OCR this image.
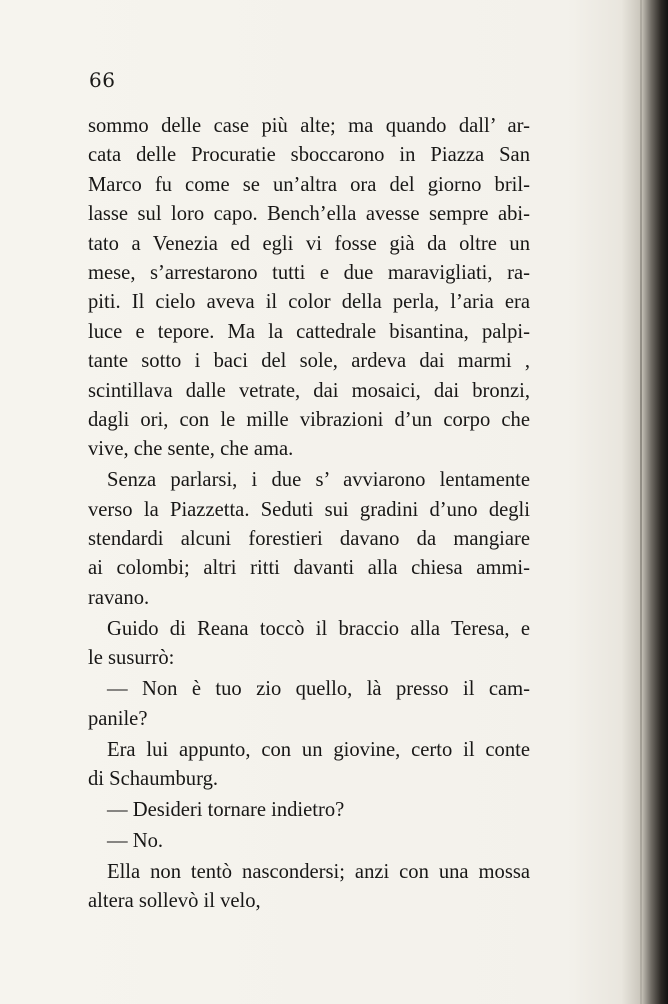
66
sommo delle case più alte; ma quando dall’ ar-
cata delle Procuratie sboccarono in Piazza San
Marco fu come se un’altra ora del giorno bril-
lasse sul loro capo. Bench’ella avesse sempre abi-
tato a Venezia ed egli vi fosse già da oltre un
mese, s’arrestarono tutti e due maravigliati, ra-
piti. Il cielo aveva il color della perla, l’aria era
luce e tepore. Ma la cattedrale bisantina, palpi-
tante sotto i baci del sole, ardeva dai marmi ,
scintillava dalle vetrate, dai mosaici, dai bronzi,
dagli ori, con le mille vibrazioni d’un corpo che
vive, che sente, che ama.
Senza parlarsi, i due s’ avviarono lentamente
verso la Piazzetta. Seduti sui gradini d’uno degli
stendardi alcuni forestieri davano da mangiare
ai colombi; altri ritti davanti alla chiesa ammi-
ravano.
Guido di Reana toccò il braccio alla Teresa, e
le susurrò:
— Non è tuo zio quello, là presso il cam-
panile?
Era lui appunto, con un giovine, certo il conte
di Schaumburg.
— Desideri tornare indietro?
— No.
Ella non tentò nascondersi; anzi con una mossa
altera sollevò il velo,
